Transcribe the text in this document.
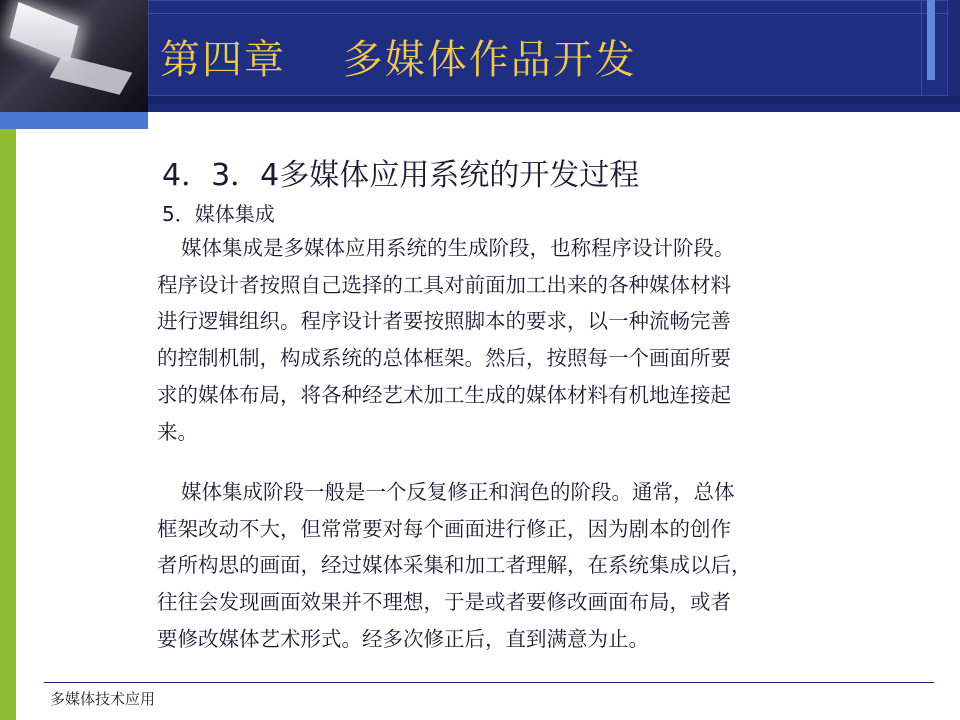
第四章　 多媒体作品开发
4．3．4多媒体应用系统的开发过程
5．媒体集成
媒体集成是多媒体应用系统的生成阶段，也称程序设计阶段。
程序设计者按照自己选择的工具对前面加工出来的各种媒体材料
进行逻辑组织。程序设计者要按照脚本的要求，以一种流畅完善
的控制机制，构成系统的总体框架。然后，按照每一个画面所要
求的媒体布局，将各种经艺术加工生成的媒体材料有机地连接起
来。
媒体集成阶段一般是一个反复修正和润色的阶段。通常，总体
框架改动不大，但常常要对每个画面进行修正，因为剧本的创作
者所构思的画面，经过媒体采集和加工者理解，在系统集成以后，
往往会发现画面效果并不理想，于是或者要修改画面布局，或者
要修改媒体艺术形式。经多次修正后，直到满意为止。
多媒体技术应用
